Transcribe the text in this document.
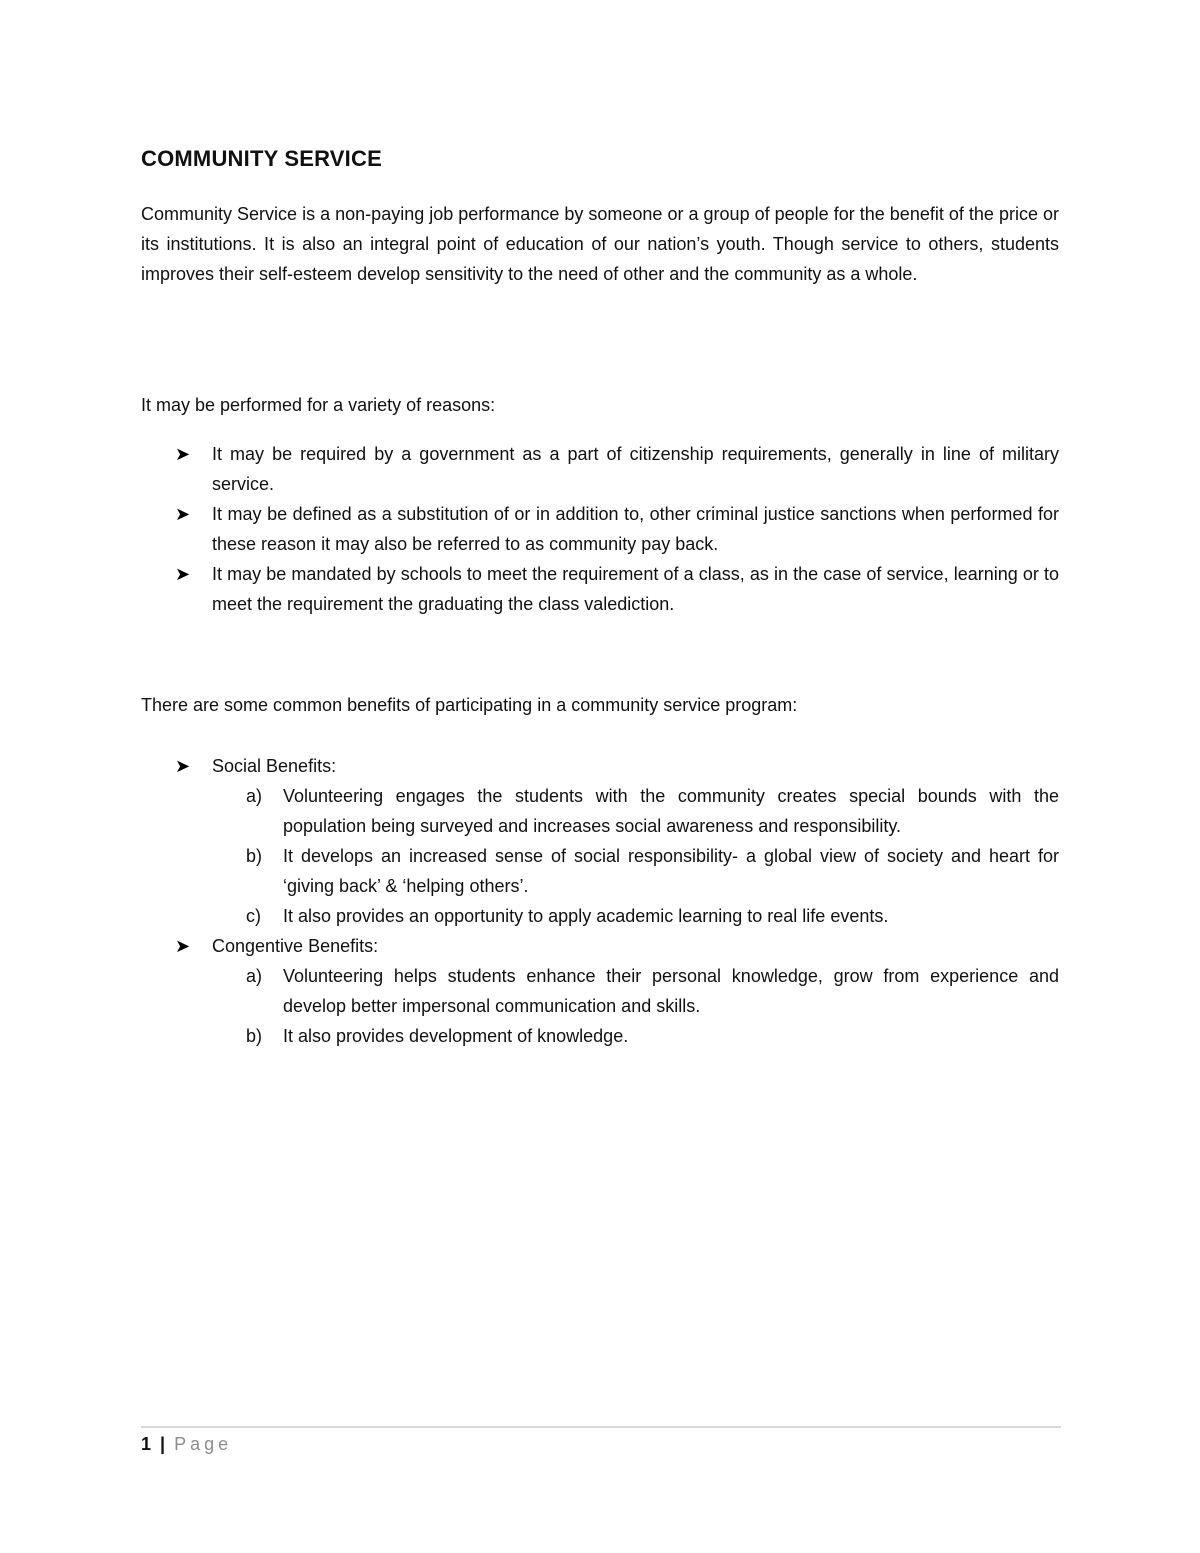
COMMUNITY SERVICE

Community Service is a non-paying job performance by someone or a group of people for the benefit of the price or its institutions. It is also an integral point of education of our nation’s youth. Though service to others, students improves their self-esteem develop sensitivity to the need of other and the community as a whole.

It may be performed for a variety of reasons:

➤	It may be required by a government as a part of citizenship requirements, generally in line of military service.
➤	It may be defined as a substitution of or in addition to, other criminal justice sanctions when performed for these reason it may also be referred to as community pay back.
➤	It may be mandated by schools to meet the requirement of a class, as in the case of service, learning or to meet the requirement the graduating the class valediction.

There are some common benefits of participating in a community service program:

➤	Social Benefits:
a) Volunteering engages the students with the community creates special bounds with the population being surveyed and increases social awareness and responsibility.
b) It develops an increased sense of social responsibility- a global view of society and heart for ‘giving back’ & ‘helping others’.
c) It also provides an opportunity to apply academic learning to real life events.
➤	Congentive Benefits:
a) Volunteering helps students enhance their personal knowledge, grow from experience and develop better impersonal communication and skills.
b) It also provides development of knowledge.
1 | Page
